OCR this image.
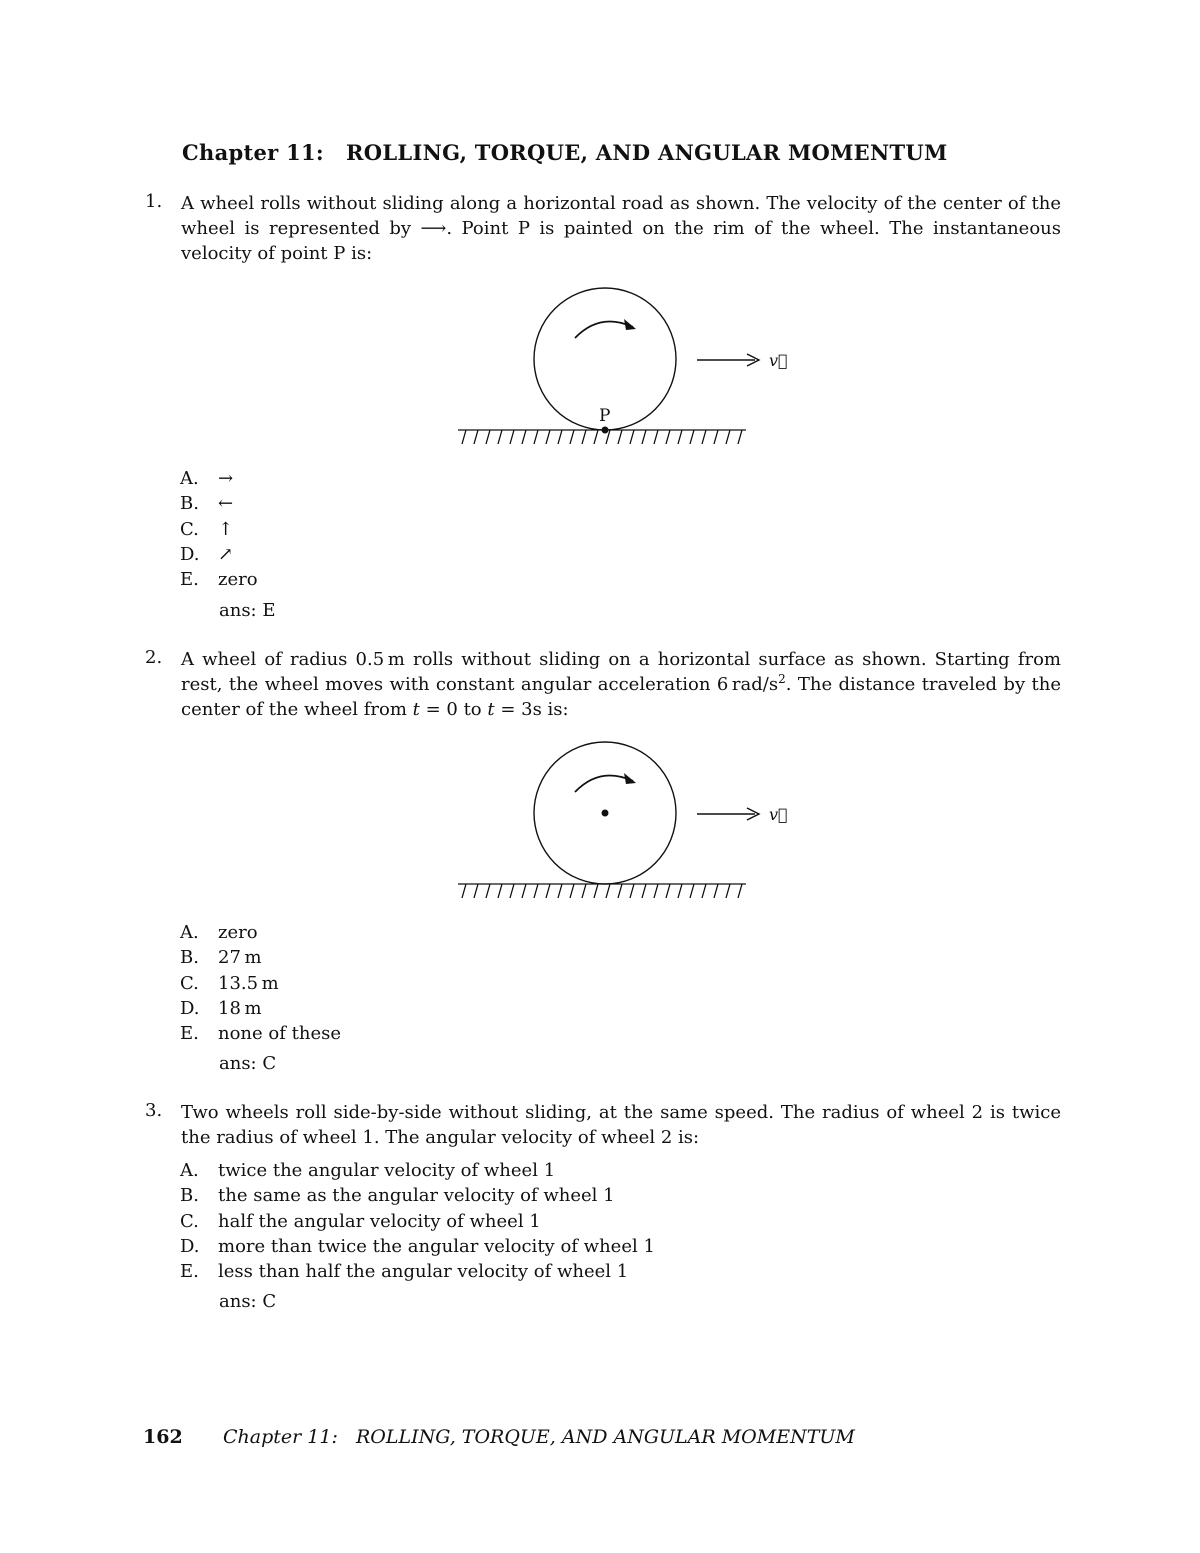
Chapter 11: ROLLING, TORQUE, AND ANGULAR MOMENTUM
1. A wheel rolls without sliding along a horizontal road as shown. The velocity of the center of the wheel is represented by ⟶. Point P is painted on the rim of the wheel. The instantaneous velocity of point P is:
P
v⃗
A. →
B. ←
C. ↑
D. ↗
E. zero
ans: E
2. A wheel of radius 0.5 m rolls without sliding on a horizontal surface as shown. Starting from rest, the wheel moves with constant angular acceleration 6 rad/$s^2$. The distance traveled by the center of the wheel from t = 0 to t = 3s is:
v⃗
A. zero
B. 27 m
C. 13.5 m
D. 18 m
E. none of these
ans: C
3. Two wheels roll side-by-side without sliding, at the same speed. The radius of wheel 2 is twice the radius of wheel 1. The angular velocity of wheel 2 is:
A. twice the angular velocity of wheel 1
B. the same as the angular velocity of wheel 1
C. half the angular velocity of wheel 1
D. more than twice the angular velocity of wheel 1
E. less than half the angular velocity of wheel 1
ans: C
162 Chapter 11:   ROLLING, TORQUE, AND ANGULAR MOMENTUM
